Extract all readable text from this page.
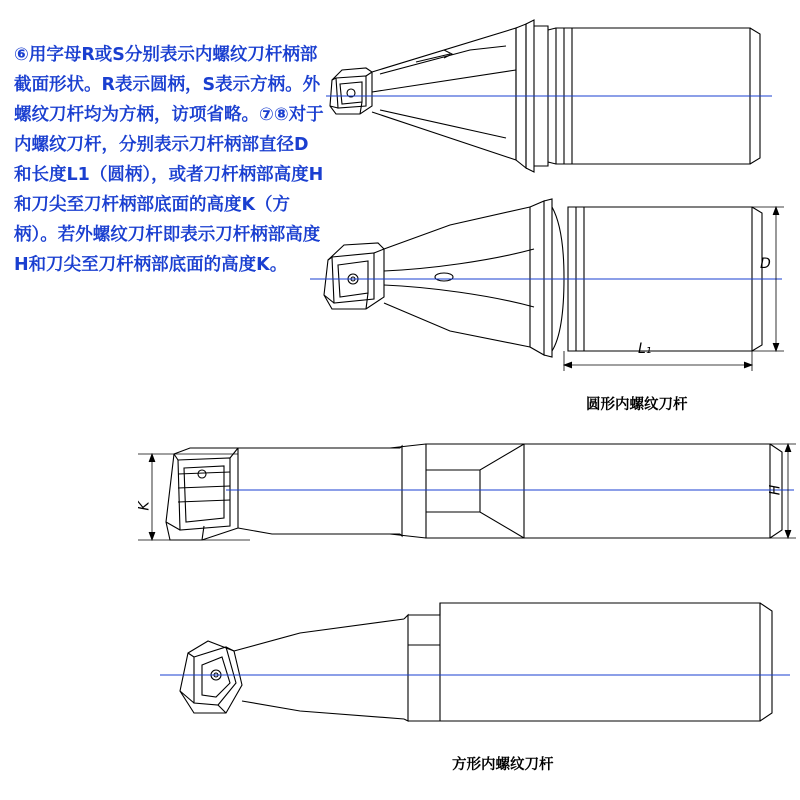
⑥用字母R或S分别表示内螺纹刀杆柄部截面形状。R表示圆柄，S表示方柄。外螺纹刀杆均为方柄，访项省略。⑦⑧对于内螺纹刀杆，分别表示刀杆柄部直径D和长度L1（圆柄），或者刀杆柄部高度H和刀尖至刀杆柄部底面的高度K（方柄）。若外螺纹刀杆即表示刀杆柄部高度H和刀尖至刀杆柄部底面的高度K。
圆形内螺纹刀杆
D
L₁
H
K
方形内螺纹刀杆
